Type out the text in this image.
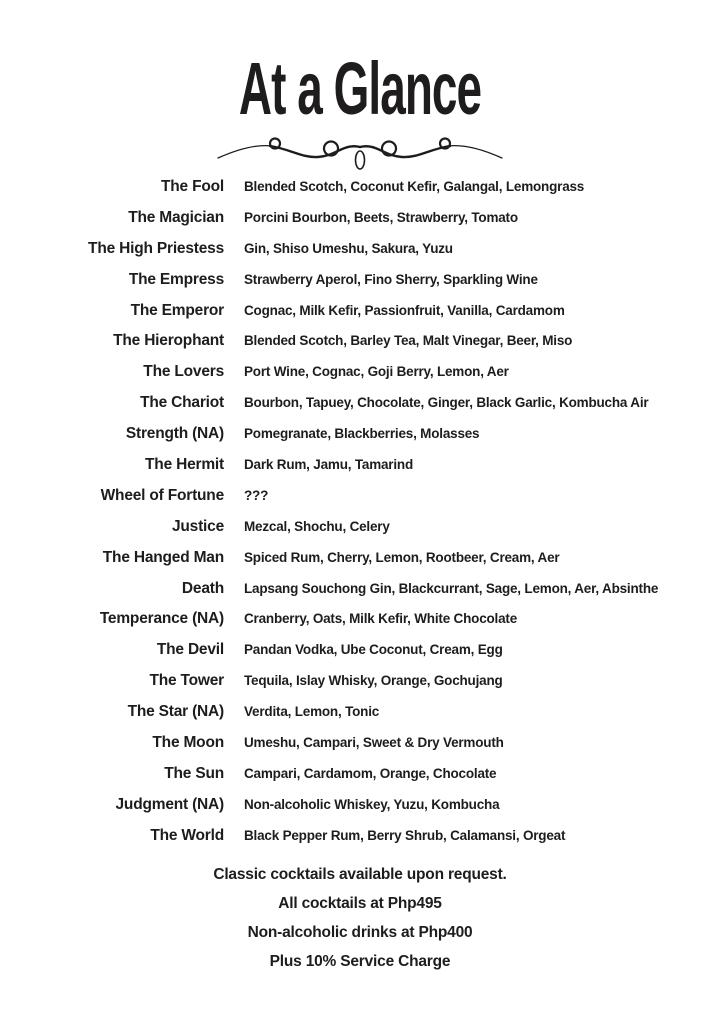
At a Glance
The Fool	Blended Scotch, Coconut Kefir, Galangal, Lemongrass
The Magician	Porcini Bourbon, Beets, Strawberry, Tomato
The High Priestess	Gin, Shiso Umeshu, Sakura, Yuzu
The Empress	Strawberry Aperol, Fino Sherry, Sparkling Wine
The Emperor	Cognac, Milk Kefir, Passionfruit, Vanilla, Cardamom
The Hierophant	Blended Scotch, Barley Tea, Malt Vinegar, Beer, Miso
The Lovers	Port Wine, Cognac, Goji Berry, Lemon, Aer
The Chariot	Bourbon, Tapuey, Chocolate, Ginger, Black Garlic, Kombucha Air
Strength (NA)	Pomegranate, Blackberries, Molasses
The Hermit	Dark Rum, Jamu, Tamarind
Wheel of Fortune	???
Justice	Mezcal, Shochu, Celery
The Hanged Man	Spiced Rum, Cherry, Lemon, Rootbeer, Cream, Aer
Death	Lapsang Souchong Gin, Blackcurrant, Sage, Lemon, Aer, Absinthe
Temperance (NA)	Cranberry, Oats, Milk Kefir, White Chocolate
The Devil	Pandan Vodka, Ube Coconut, Cream, Egg
The Tower	Tequila, Islay Whisky, Orange, Gochujang
The Star (NA)	Verdita, Lemon, Tonic
The Moon	Umeshu, Campari, Sweet & Dry Vermouth
The Sun	Campari, Cardamom, Orange, Chocolate
Judgment (NA)	Non-alcoholic Whiskey, Yuzu, Kombucha
The World	Black Pepper Rum, Berry Shrub, Calamansi, Orgeat
Classic cocktails available upon request.
All cocktails at Php495
Non-alcoholic drinks at Php400
Plus 10% Service Charge
